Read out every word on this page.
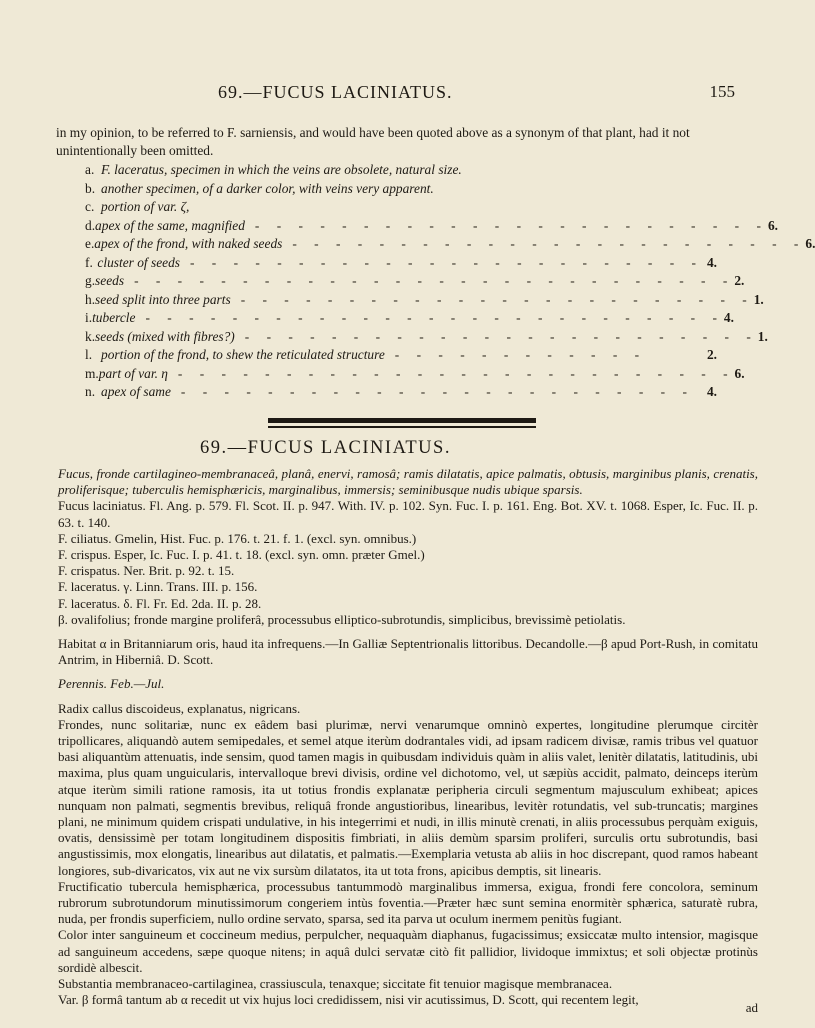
69.—FUCUS LACINIATUS.	155
in my opinion, to be referred to F. sarniensis, and would have been quoted above as a synonym of that plant, had it not unintentionally been omitted.
a. F. laceratus, specimen in which the veins are obsolete, natural size.
b. another specimen, of a darker color, with veins very apparent.
c. portion of var. ζ,
d. apex of the same, magnified - - - - - - - - - - - - - - - - - - - - - - - - 6.
e. apex of the frond, with naked seeds - - - - - - - - - - - - - - - - - - - - - - - - 6.
f. cluster of seeds - - - - - - - - - - - - - - - - - - - - - - - - 4.
g. seeds - - - - - - - - - - - - - - - - - - - - - - - - - - - - 2.
h. seed split into three parts - - - - - - - - - - - - - - - - - - - - - - - - 1.
i. tubercle - - - - - - - - - - - - - - - - - - - - - - - - - - - 4.
k. seeds (mixed with fibres?) - - - - - - - - - - - - - - - - - - - - - - - - 1.
l. portion of the frond, to shew the reticulated structure - - - - - - - - - - - -	2.
m. part of var. η - - - - - - - - - - - - - - - - - - - - - - - - - - 6.
n. apex of same - - - - - - - - - - - - - - - - - - - - - - - - 4.
69.—FUCUS LACINIATUS.

Fucus, fronde cartilagineo-membranaceâ, planâ, enervi, ramosâ; ramis dilatatis, apice palmatis, obtusis, marginibus planis, crenatis, proliferisque; tuberculis hemisphæricis, marginalibus, immersis; seminibusque nudis ubique sparsis.

Fucus laciniatus. Fl. Ang. p. 579. Fl. Scot. II. p. 947. With. IV. p. 102. Syn. Fuc. I. p. 161. Eng. Bot. XV. t. 1068. Esper, Ic. Fuc. II. p. 63. t. 140.

F. ciliatus. Gmelin, Hist. Fuc. p. 176. t. 21. f. 1. (excl. syn. omnibus.)

F. crispus. Esper, Ic. Fuc. I. p. 41. t. 18. (excl. syn. omn. præter Gmel.)

F. crispatus. Ner. Brit. p. 92. t. 15.

F. laceratus. γ. Linn. Trans. III. p. 156.

F. laceratus. δ. Fl. Fr. Ed. 2da. II. p. 28.

β. ovalifolius; fronde margine proliferâ, processubus elliptico-subrotundis, simplicibus, brevissimè petiolatis.

Habitat α in Britanniarum oris, haud ita infrequens.—In Galliæ Septentrionalis littoribus. Decandolle.—β apud Port-Rush, in comitatu Antrim, in Hiberniâ. D. Scott.

Perennis. Feb.—Jul.

Radix callus discoideus, explanatus, nigricans.

Frondes, nunc solitariæ, nunc ex eâdem basi plurimæ, nervi venarumque omninò expertes, longitudine plerumque circitèr tripollicares, aliquandò autem semipedales, et semel atque iterùm dodrantales vidi, ad ipsam radicem divisæ, ramis tribus vel quatuor basi aliquantùm attenuatis, inde sensim, quod tamen magis in quibusdam individuis quàm in aliis valet, lenitèr dilatatis, latitudinis, ubi maxima, plus quam unguicularis, intervalloque brevi divisis, ordine vel dichotomo, vel, ut sæpiùs accidit, palmato, deinceps iterùm atque iterùm simili ratione ramosis, ita ut totius frondis explanatæ peripheria circuli segmentum majusculum exhibeat; apices nunquam non palmati, segmentis brevibus, reliquâ fronde angustioribus, linearibus, levitèr rotundatis, vel sub-truncatis; margines plani, ne minimum quidem crispati undulative, in his integerrimi et nudi, in illis minutè crenati, in aliis processubus perquàm exiguis, ovatis, densissimè per totam longitudinem dispositis fimbriati, in aliis demùm sparsim proliferi, surculis ortu subrotundis, basi angustissimis, mox elongatis, linearibus aut dilatatis, et palmatis.—Exemplaria vetusta ab aliis in hoc discrepant, quod ramos habeant longiores, sub-divaricatos, vix aut ne vix sursùm dilatatos, ita ut tota frons, apicibus demptis, sit linearis.

Fructificatio tubercula hemisphærica, processubus tantummodò marginalibus immersa, exigua, frondi fere concolora, seminum rubrorum subrotundorum minutissimorum congeriem intùs foventia.—Præter hæc sunt semina enormitèr sphærica, saturatè rubra, nuda, per frondis superficiem, nullo ordine servato, sparsa, sed ita parva ut oculum inermem penitùs fugiant.

Color inter sanguineum et coccineum medius, perpulcher, nequaquàm diaphanus, fugacissimus; exsiccatæ multo intensior, magisque ad sanguineum accedens, sæpe quoque nitens; in aquâ dulci servatæ citò fit pallidior, lividoque immixtus; et soli objectæ protinùs sordidè albescit.

Substantia membranaceo-cartilaginea, crassiuscula, tenaxque; siccitate fit tenuior magisque membranacea.

Var. β formâ tantum ab α recedit ut vix hujus loci credidissem, nisi vir acutissimus, D. Scott, qui recentem legit,

ad
